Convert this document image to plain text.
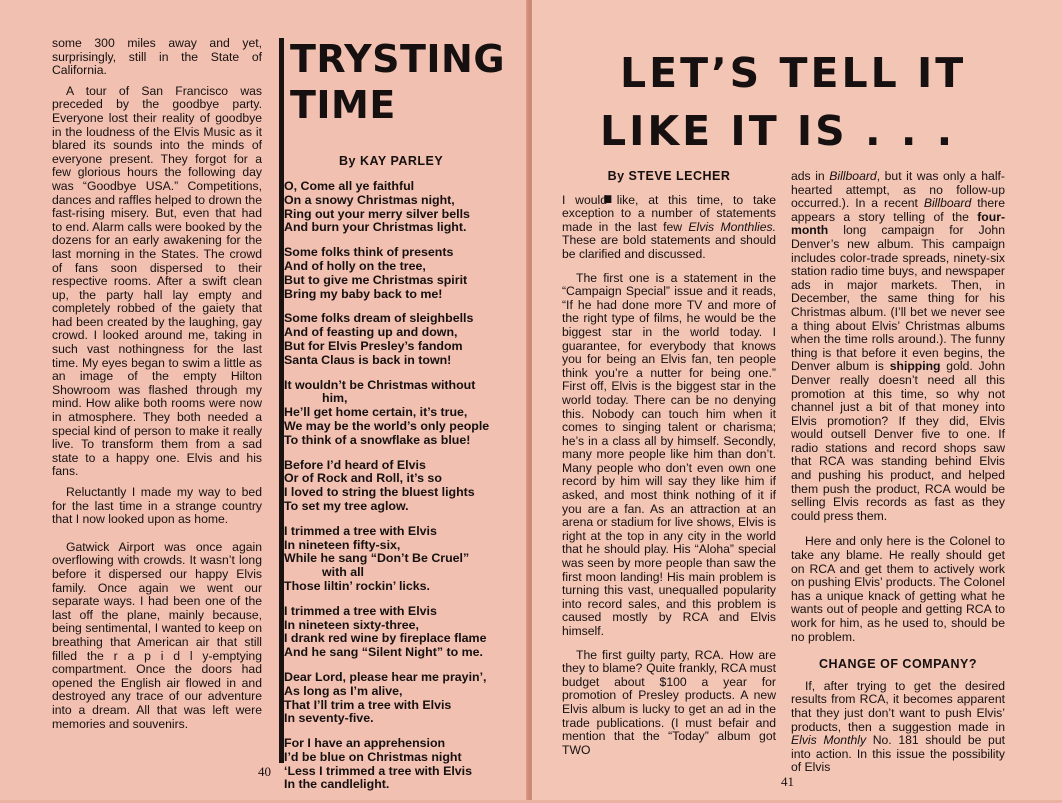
some 300 miles away and yet, surprisingly, still in the State of California.

A tour of San Francisco was preceded by the goodbye party. Everyone lost their reality of goodbye in the loudness of the Elvis Music as it blared its sounds into the minds of everyone present. They forgot for a few glorious hours the following day was “Goodbye USA.” Competitions, dances and raffles helped to drown the fast-rising misery. But, even that had to end. Alarm calls were booked by the dozens for an early awakening for the last morning in the States. The crowd of fans soon dispersed to their respective rooms. After a swift clean up, the party hall lay empty and completely robbed of the gaiety that had been created by the laughing, gay crowd. I looked around me, taking in such vast nothingness for the last time. My eyes began to swim a little as an image of the empty Hilton Showroom was flashed through my mind. How alike both rooms were now in atmosphere. They both needed a special kind of person to make it really live. To transform them from a sad state to a happy one. Elvis and his fans.

Reluctantly I made my way to bed for the last time in a strange country that I now looked upon as home.

Gatwick Airport was once again overflowing with crowds. It wasn’t long before it dispersed our happy Elvis family. Once again we went our separate ways. I had been one of the last off the plane, mainly because, being sentimental, I wanted to keep on breathing that American air that still filled the r a p i d l y-emptying compartment. Once the doors had opened the English air flowed in and destroyed any trace of our adventure into a dream. All that was left were memories and souvenirs.

TRYSTING
TIME
By KAY PARLEY
O, Come all ye faithful
On a snowy Christmas night,
Ring out your merry silver bells
And burn your Christmas light.
Some folks think of presents
And of holly on the tree,
But to give me Christmas spirit
Bring my baby back to me!
Some folks dream of sleighbells
And of feasting up and down,
But for Elvis Presley’s fandom
Santa Claus is back in town!
It wouldn’t be Christmas without
him,
He’ll get home certain, it’s true,
We may be the world’s only people
To think of a snowflake as blue!
Before I’d heard of Elvis
Or of Rock and Roll, it’s so
I loved to string the bluest lights
To set my tree aglow.
I trimmed a tree with Elvis
In nineteen fifty-six,
While he sang “Don’t Be Cruel”
with all
Those liltin’ rockin’ licks.
I trimmed a tree with Elvis
In nineteen sixty-three,
I drank red wine by fireplace flame
And he sang “Silent Night” to me.
Dear Lord, please hear me prayin’,
As long as I’m alive,
That I’ll trim a tree with Elvis
In seventy-five.
For I have an apprehension
I’d be blue on Christmas night
‘Less I trimmed a tree with Elvis
In the candlelight.
40
LET’S TELL IT
LIKE IT IS . . . .
By STEVE LECHER

I would like, at this time, to take exception to a number of statements made in the last few Elvis Monthlies. These are bold statements and should be clarified and discussed.

The first one is a statement in the “Campaign Special” issue and it reads, “If he had done more TV and more of the right type of films, he would be the biggest star in the world today. I guarantee, for everybody that knows you for being an Elvis fan, ten people think you’re a nutter for being one.” First off, Elvis is the biggest star in the world today. There can be no denying this. Nobody can touch him when it comes to singing talent or charisma; he’s in a class all by himself. Secondly, many more people like him than don’t. Many people who don’t even own one record by him will say they like him if asked, and most think nothing of it if you are a fan. As an attraction at an arena or stadium for live shows, Elvis is right at the top in any city in the world that he should play. His “Aloha” special was seen by more people than saw the first moon landing! His main problem is turning this vast, unequalled popularity into record sales, and this problem is caused mostly by RCA and Elvis himself.

The first guilty party, RCA. How are they to blame? Quite frankly, RCA must budget about $100 a year for promotion of Presley products. A new Elvis album is lucky to get an ad in the trade publications. (I must befair and mention that the “Today” album got TWO

ads in Billboard, but it was only a half-hearted attempt, as no follow-up occurred.). In a recent Billboard there appears a story telling of the four-month long campaign for John Denver’s new album. This campaign includes color-trade spreads, ninety-six station radio time buys, and newspaper ads in major markets. Then, in December, the same thing for his Christmas album. (I’ll bet we never see a thing about Elvis’ Christmas albums when the time rolls around.). The funny thing is that before it even begins, the Denver album is shipping gold. John Denver really doesn’t need all this promotion at this time, so why not channel just a bit of that money into Elvis promotion? If they did, Elvis would outsell Denver five to one. If radio stations and record shops saw that RCA was standing behind Elvis and pushing his product, and helped them push the product, RCA would be selling Elvis records as fast as they could press them.

Here and only here is the Colonel to take any blame. He really should get on RCA and get them to actively work on pushing Elvis’ products. The Colonel has a unique knack of getting what he wants out of people and getting RCA to work for him, as he used to, should be no problem.

CHANGE OF COMPANY?

If, after trying to get the desired results from RCA, it becomes apparent that they just don’t want to push Elvis’ products, then a suggestion made in Elvis Monthly No. 181 should be put into action. In this issue the possibility of Elvis

41
